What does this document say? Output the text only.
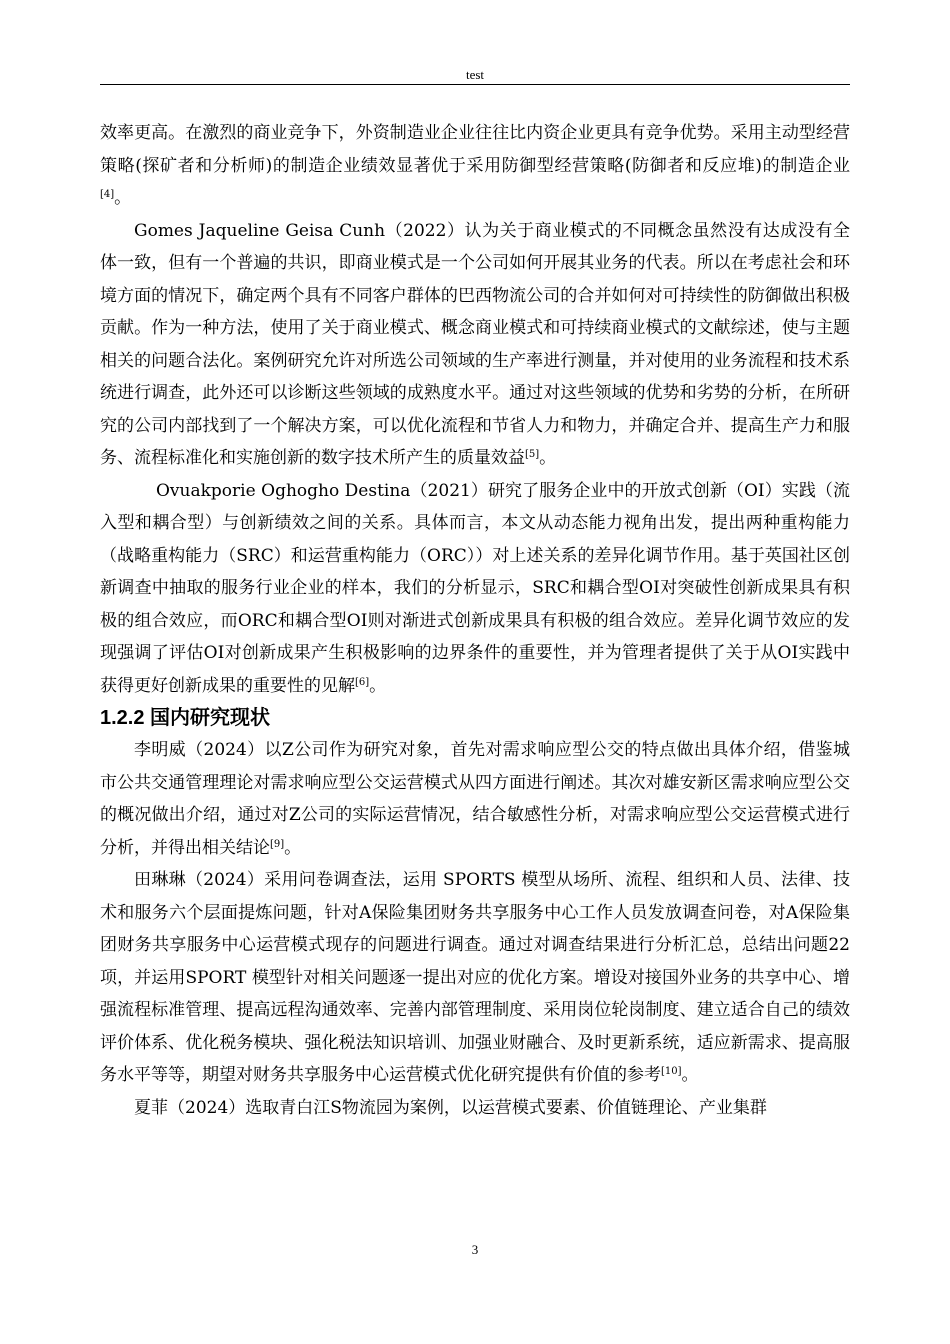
test

效率更高。在激烈的商业竞争下，外资制造业企业往往比内资企业更具有竞争优势。采用主动型经营策略(探矿者和分析师)的制造企业绩效显著优于采用防御型经营策略(防御者和反应堆)的制造企业[4]。

Gomes Jaqueline Geisa Cunh（2022）认为关于商业模式的不同概念虽然没有达成没有全体一致，但有一个普遍的共识，即商业模式是一个公司如何开展其业务的代表。所以在考虑社会和环境方面的情况下，确定两个具有不同客户群体的巴西物流公司的合并如何对可持续性的防御做出积极贡献。作为一种方法，使用了关于商业模式、概念商业模式和可持续商业模式的文献综述，使与主题相关的问题合法化。案例研究允许对所选公司领域的生产率进行测量，并对使用的业务流程和技术系统进行调查，此外还可以诊断这些领域的成熟度水平。通过对这些领域的优势和劣势的分析，在所研究的公司内部找到了一个解决方案，可以优化流程和节省人力和物力，并确定合并、提高生产力和服务、流程标准化和实施创新的数字技术所产生的质量效益[5]。

Ovuakporie Oghogho Destina（2021）研究了服务企业中的开放式创新（OI）实践（流入型和耦合型）与创新绩效之间的关系。具体而言，本文从动态能力视角出发，提出两种重构能力（战略重构能力（SRC）和运营重构能力（ORC））对上述关系的差异化调节作用。基于英国社区创新调查中抽取的服务行业企业的样本，我们的分析显示，SRC和耦合型OI对突破性创新成果具有积极的组合效应，而ORC和耦合型OI则对渐进式创新成果具有积极的组合效应。差异化调节效应的发现强调了评估OI对创新成果产生积极影响的边界条件的重要性，并为管理者提供了关于从OI实践中获得更好创新成果的重要性的见解[6]。

1.2.2 国内研究现状

李明威（2024）以Z公司作为研究对象，首先对需求响应型公交的特点做出具体介绍，借鉴城市公共交通管理理论对需求响应型公交运营模式从四方面进行阐述。其次对雄安新区需求响应型公交的概况做出介绍，通过对Z公司的实际运营情况，结合敏感性分析，对需求响应型公交运营模式进行分析，并得出相关结论[9]。

田琳琳（2024）采用问卷调查法，运用 SPORTS 模型从场所、流程、组织和人员、法律、技术和服务六个层面提炼问题，针对A保险集团财务共享服务中心工作人员发放调查问卷，对A保险集团财务共享服务中心运营模式现存的问题进行调查。通过对调查结果进行分析汇总，总结出问题22项，并运用SPORT 模型针对相关问题逐一提出对应的优化方案。增设对接国外业务的共享中心、增强流程标准管理、提高远程沟通效率、完善内部管理制度、采用岗位轮岗制度、建立适合自己的绩效评价体系、优化税务模块、强化税法知识培训、加强业财融合、及时更新系统，适应新需求、提高服务水平等等，期望对财务共享服务中心运营模式优化研究提供有价值的参考[10]。

夏菲（2024）选取青白江S物流园为案例，以运营模式要素、价值链理论、产业集群

3
